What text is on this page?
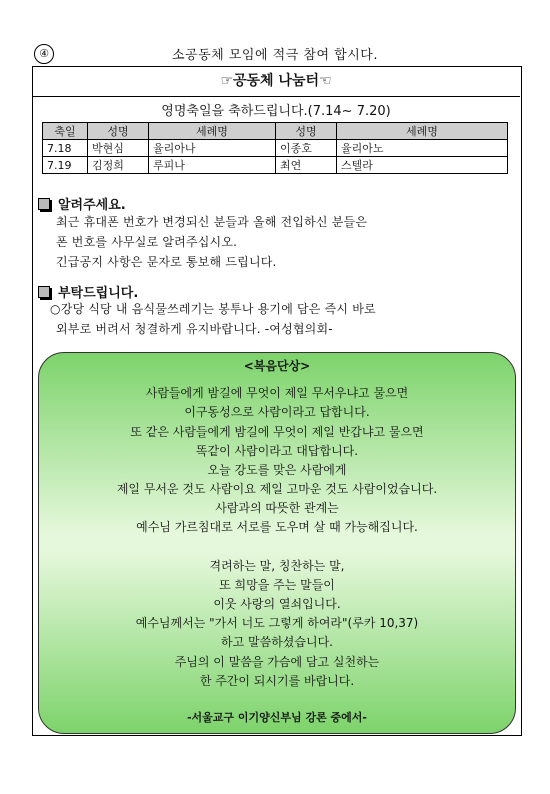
④	소공동체 모임에 적극 참여 합시다.
☞공동체 나눔터☜
영명축일을 축하드립니다.(7.14~ 7.20)
축일	성명	세례명	성명	세례명
7.18	박현심	율리아나	이종호	율리아노
7.19	김정희	루피나	최연	스텔라
알려주세요.
최근 휴대폰 번호가 변경되신 분들과 올해 전입하신 분들은
폰 번호를 사무실로 알려주십시오.
긴급공지 사항은 문자로 통보해 드립니다.
부탁드립니다.
○강당 식당 내 음식물쓰레기는 봉투나 용기에 담은 즉시 바로
외부로 버려서 청결하게 유지바랍니다. -여성협의회-
<복음단상>
사람들에게 밤길에 무엇이 제일 무서우냐고 물으면
이구동성으로 사람이라고 답합니다.
또 같은 사람들에게 밤길에 무엇이 제일 반갑냐고 물으면
똑같이 사람이라고 대답합니다.
오늘 강도를 맞은 사람에게
제일 무서운 것도 사람이요 제일 고마운 것도 사람이었습니다.
사람과의 따뜻한 관계는
예수님 가르침대로 서로를 도우며 살 때 가능해집니다.
격려하는 말, 칭찬하는 말,
또 희망을 주는 말들이
이웃 사랑의 열쇠입니다.
예수님께서는 "가서 너도 그렇게 하여라"(루카 10,37)
하고 말씀하셨습니다.
주님의 이 말씀을 가슴에 담고 실천하는
한 주간이 되시기를 바랍니다.
-서울교구 이기양신부님 강론 중에서-
